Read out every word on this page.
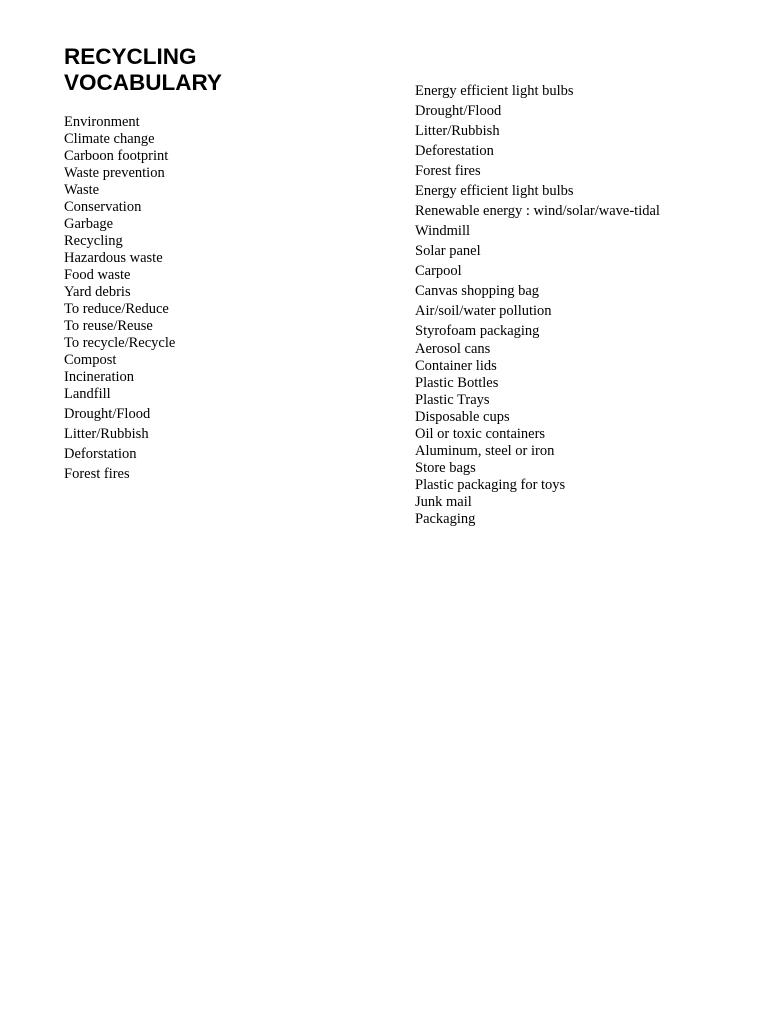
RECYCLING
VOCABULARY
Environment
Climate change
Carboon footprint
Waste prevention
Waste
Conservation
Garbage
Recycling
Hazardous waste
Food waste
Yard debris
To reduce/Reduce
To reuse/Reuse
To recycle/Recycle
Compost
Incineration
Landfill
Drought/Flood
Litter/Rubbish
Deforstation
Forest fires
Energy efficient light bulbs
Drought/Flood
Litter/Rubbish
Deforestation
Forest fires
Energy efficient light bulbs
Renewable energy : wind/solar/wave-tidal
Windmill
Solar panel
Carpool
Canvas shopping bag
Air/soil/water pollution
Styrofoam packaging
Aerosol cans
Container lids
Plastic Bottles
Plastic Trays
Disposable cups
Oil or toxic containers
Aluminum, steel or iron
Store bags
Plastic packaging for toys
Junk mail
Packaging
